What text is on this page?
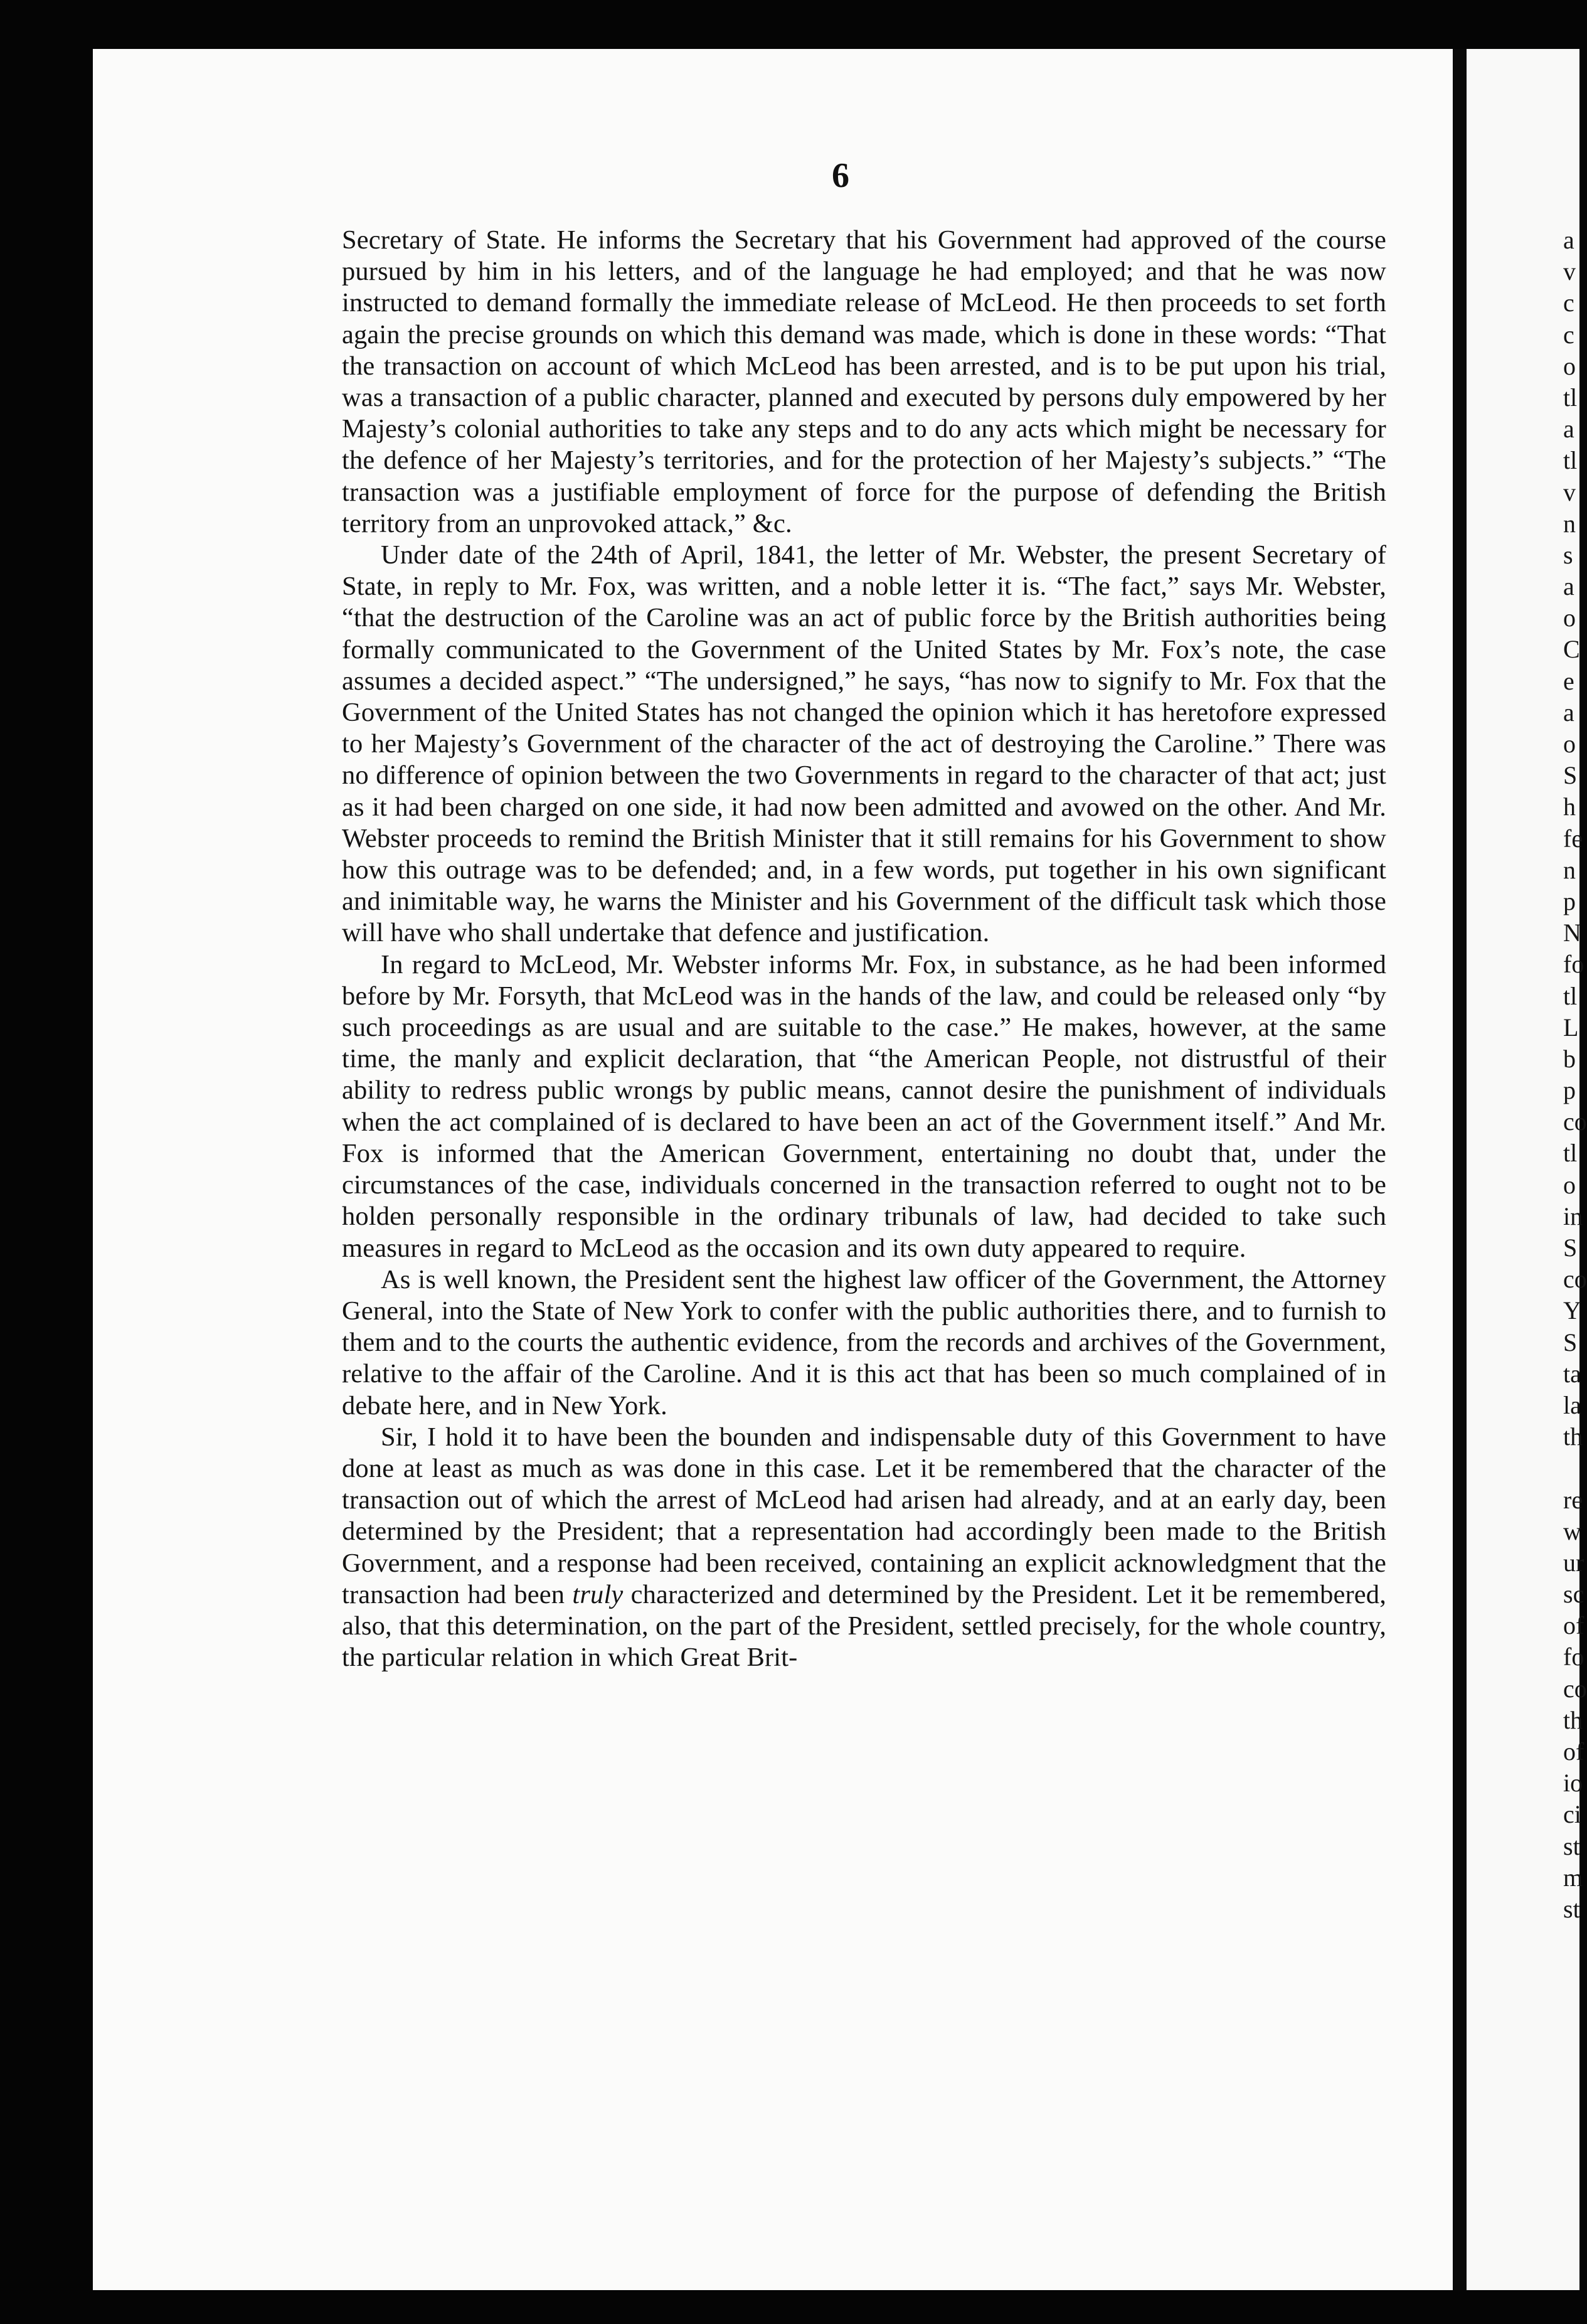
6

Secretary of State. He informs the Secretary that his Government had approved of the course pursued by him in his letters, and of the language he had employed; and that he was now instructed to demand formally the immediate release of McLeod. He then proceeds to set forth again the precise grounds on which this demand was made, which is done in these words: “That the transaction on account of which McLeod has been arrested, and is to be put upon his trial, was a transaction of a public character, planned and executed by persons duly empowered by her Majesty’s colonial authorities to take any steps and to do any acts which might be necessary for the defence of her Majesty’s territories, and for the protection of her Majesty’s subjects.” “The transaction was a justifiable employment of force for the purpose of defending the British territory from an unprovoked attack,” &c.

Under date of the 24th of April, 1841, the letter of Mr. Webster, the present Secretary of State, in reply to Mr. Fox, was written, and a noble letter it is. “The fact,” says Mr. Webster, “that the destruction of the Caroline was an act of public force by the British authorities being formally communicated to the Government of the United States by Mr. Fox’s note, the case assumes a decided aspect.” “The undersigned,” he says, “has now to signify to Mr. Fox that the Government of the United States has not changed the opinion which it has heretofore expressed to her Majesty’s Government of the character of the act of destroying the Caroline.” There was no difference of opinion between the two Governments in regard to the character of that act; just as it had been charged on one side, it had now been admitted and avowed on the other. And Mr. Webster proceeds to remind the British Minister that it still remains for his Government to show how this outrage was to be defended; and, in a few words, put together in his own significant and inimitable way, he warns the Minister and his Government of the difficult task which those will have who shall undertake that defence and justification.

In regard to McLeod, Mr. Webster informs Mr. Fox, in substance, as he had been informed before by Mr. Forsyth, that McLeod was in the hands of the law, and could be released only “by such proceedings as are usual and are suitable to the case.” He makes, however, at the same time, the manly and explicit declaration, that “the American People, not distrustful of their ability to redress public wrongs by public means, cannot desire the punishment of individuals when the act complained of is declared to have been an act of the Government itself.” And Mr. Fox is informed that the American Government, entertaining no doubt that, under the circumstances of the case, individuals concerned in the transaction referred to ought not to be holden personally responsible in the ordinary tribunals of law, had decided to take such measures in regard to McLeod as the occasion and its own duty appeared to require.

As is well known, the President sent the highest law officer of the Government, the Attorney General, into the State of New York to confer with the public authorities there, and to furnish to them and to the courts the authentic evidence, from the records and archives of the Government, relative to the affair of the Caroline. And it is this act that has been so much complained of in debate here, and in New York.

Sir, I hold it to have been the bounden and indispensable duty of this Government to have done at least as much as was done in this case. Let it be remembered that the character of the transaction out of which the arrest of McLeod had arisen had already, and at an early day, been determined by the President; that a representation had accordingly been made to the British Government, and a response had been received, containing an explicit acknowledgment that the transaction had been truly characterized and determined by the President. Let it be remembered, also, that this determination, on the part of the President, settled precisely, for the whole country, the particular relation in which Great Brit-

a
v
c
c
o
tl
a
tl
v
n
s
a
o
C
e
a
o
S
h
fe
n
p
N
fo
tl
L
b
p
co
tl
o
in
S
co
Y
S
ta
la
th
re
w
ur
sc
of
fo
co
th
of
io
ci
st
m
st
